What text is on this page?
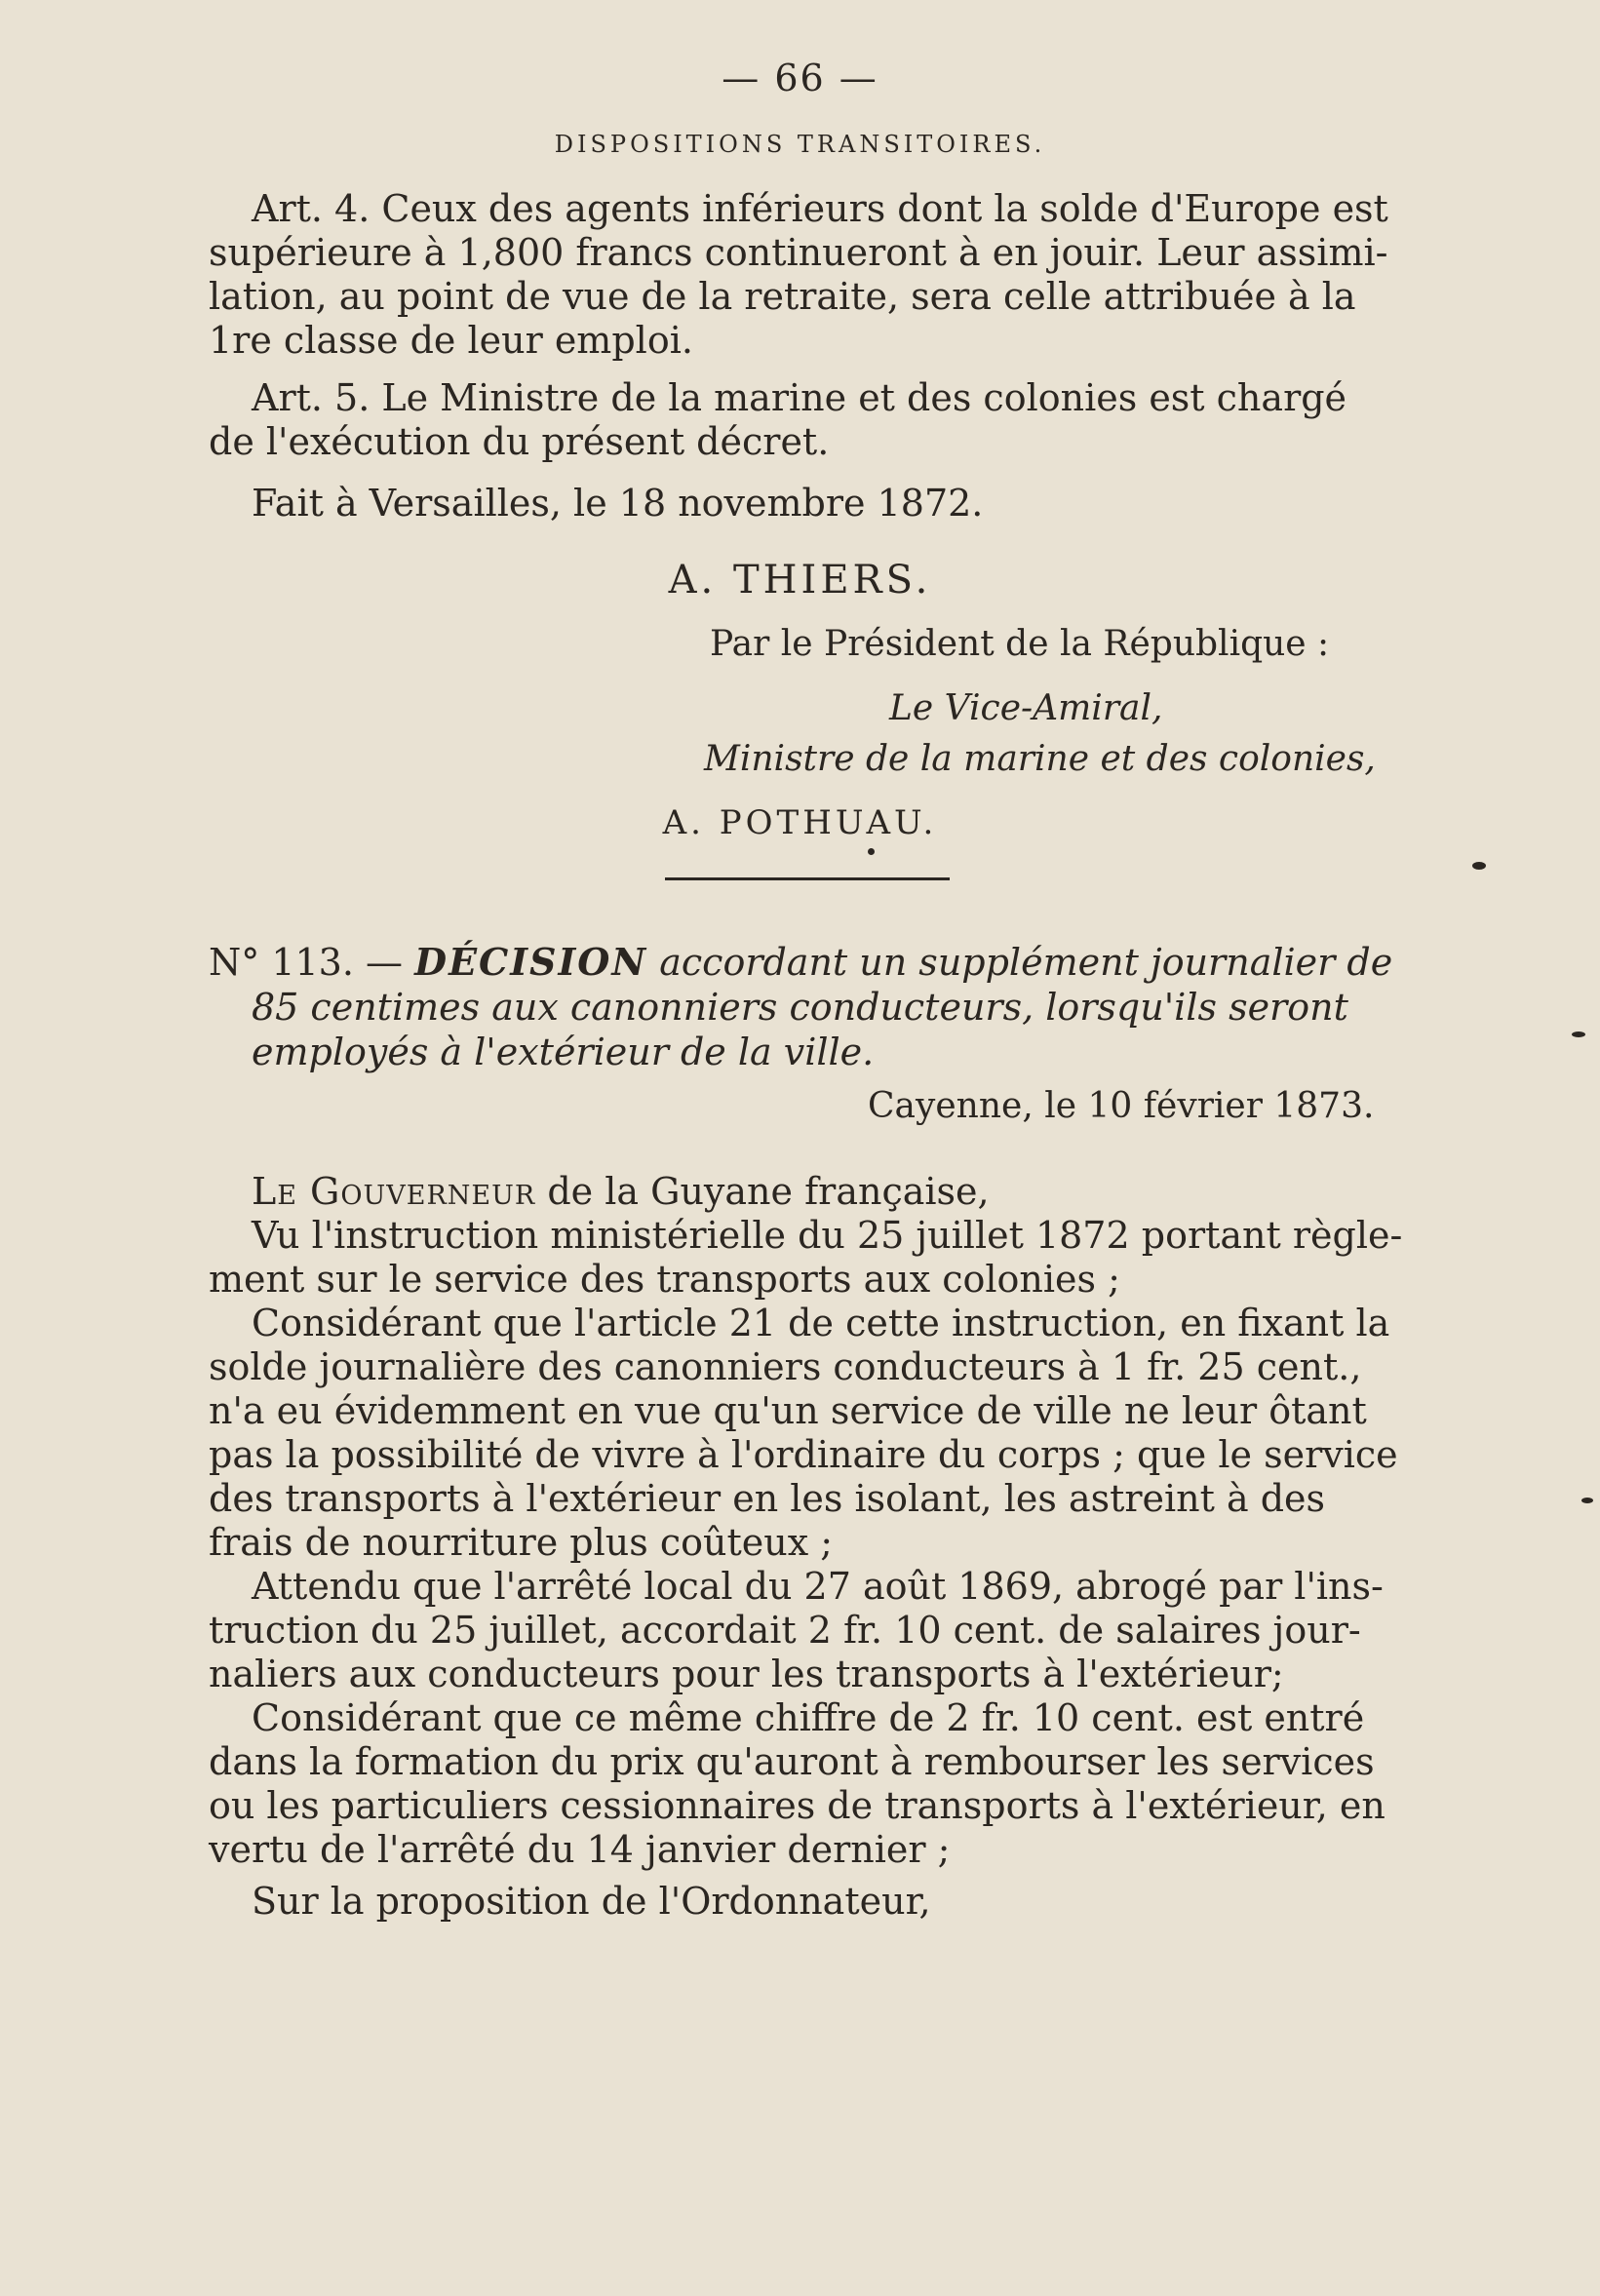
— 66 —
DISPOSITIONS TRANSITOIRES.
Art. 4. Ceux des agents inférieurs dont la solde d'Europe est
supérieure à 1,800 francs continueront à en jouir. Leur assimi-
lation, au point de vue de la retraite, sera celle attribuée à la
1re classe de leur emploi.
Art. 5. Le Ministre de la marine et des colonies est chargé
de l'exécution du présent décret.
Fait à Versailles, le 18 novembre 1872.
A. THIERS.
Par le Président de la République :
Le Vice-Amiral,
Ministre de la marine et des colonies,
A. POTHUAU.
N° 113. — DÉCISION accordant un supplément journalier de
85 centimes aux canonniers conducteurs, lorsqu'ils seront
employés à l'extérieur de la ville.
Cayenne, le 10 février 1873.
Le Gouverneur de la Guyane française,
Vu l'instruction ministérielle du 25 juillet 1872 portant règle-
ment sur le service des transports aux colonies ;
Considérant que l'article 21 de cette instruction, en fixant la
solde journalière des canonniers conducteurs à 1 fr. 25 cent.,
n'a eu évidemment en vue qu'un service de ville ne leur ôtant
pas la possibilité de vivre à l'ordinaire du corps ; que le service
des transports à l'extérieur en les isolant, les astreint à des
frais de nourriture plus coûteux ;
Attendu que l'arrêté local du 27 août 1869, abrogé par l'ins-
truction du 25 juillet, accordait 2 fr. 10 cent. de salaires jour-
naliers aux conducteurs pour les transports à l'extérieur;
Considérant que ce même chiffre de 2 fr. 10 cent. est entré
dans la formation du prix qu'auront à rembourser les services
ou les particuliers cessionnaires de transports à l'extérieur, en
vertu de l'arrêté du 14 janvier dernier ;
Sur la proposition de l'Ordonnateur,
